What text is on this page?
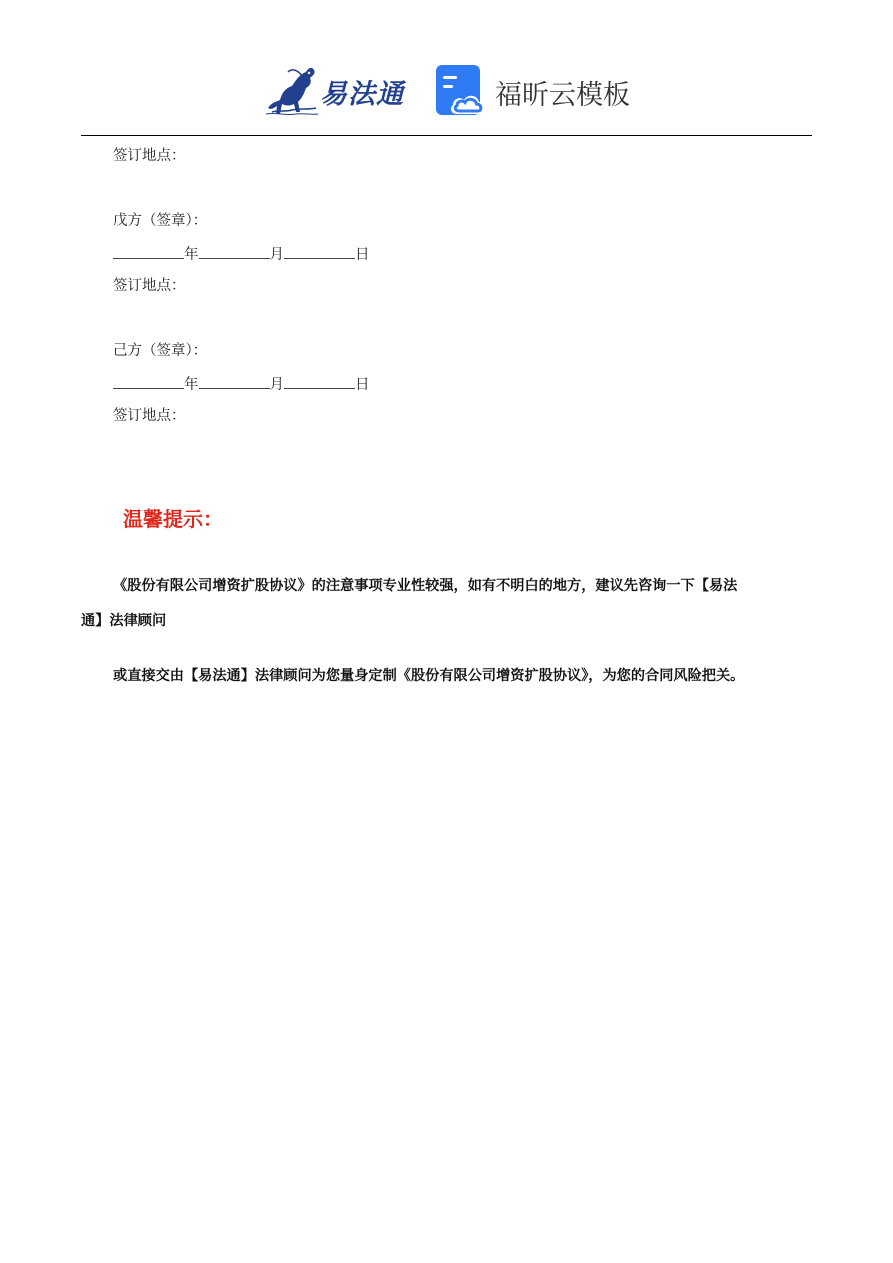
易法通	福昕云模板
签订地点：
戊方（签章）：
年	月	日
签订地点：
己方（签章）：
年	月	日
签订地点：
温馨提示：
《股份有限公司增资扩股协议》的注意事项专业性较强，如有不明白的地方，建议先咨询一下【易法
通】法律顾问
或直接交由【易法通】法律顾问为您量身定制《股份有限公司增资扩股协议》，为您的合同风险把关。
